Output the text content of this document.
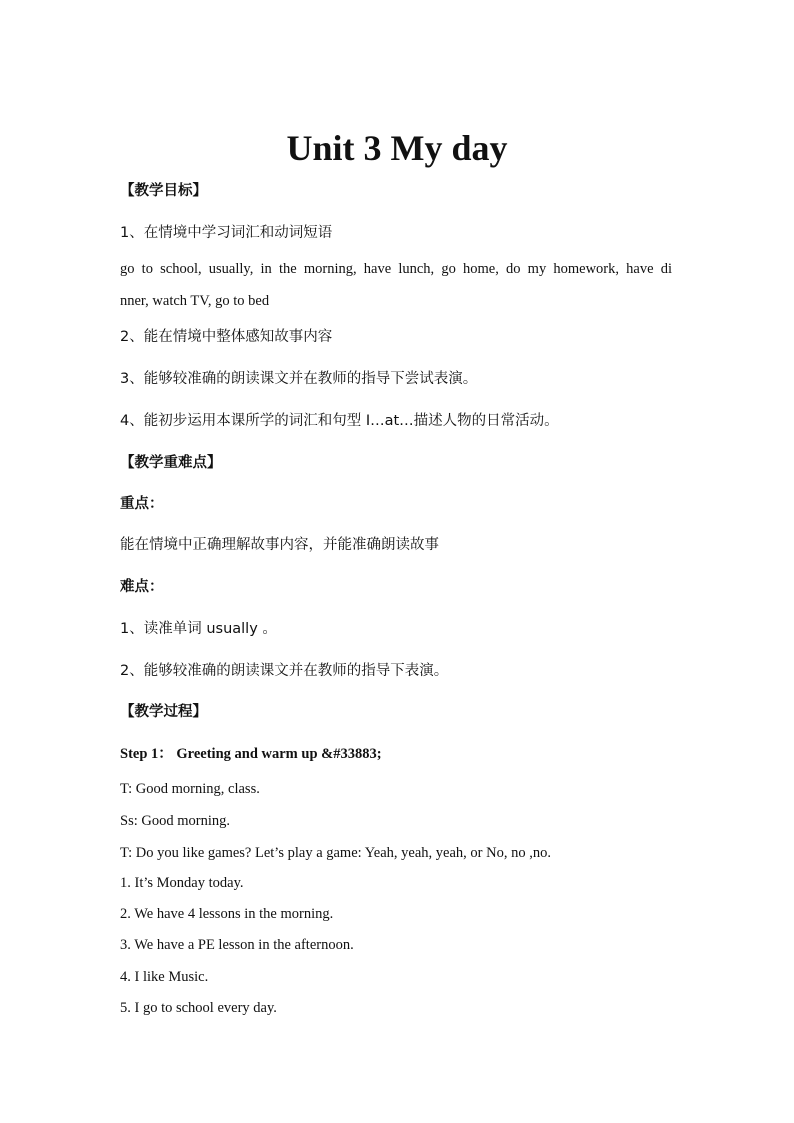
Unit 3 My day
【教学目标】
1、在情境中学习词汇和动词短语
go to school, usually, in the morning, have lunch, go home, do my homework, have di
nner, watch TV, go to bed
2、能在情境中整体感知故事内容
3、能够较准确的朗读课文并在教师的指导下尝试表演。
4、能初步运用本课所学的词汇和句型 I…at…描述人物的日常活动。
【教学重难点】
重点：
能在情境中正确理解故事内容，并能准确朗读故事
难点：
1、读准单词 usually 。
2、能够较准确的朗读课文并在教师的指导下表演。
【教学过程】
Step 1： Greeting and warm up &#33883;
T: Good morning, class.
Ss: Good morning.
T: Do you like games? Let’s play a game: Yeah, yeah, yeah, or No, no ,no.
1. It’s Monday today.
2. We have 4 lessons in the morning.
3. We have a PE lesson in the afternoon.
4. I like Music.
5. I go to school every day.
